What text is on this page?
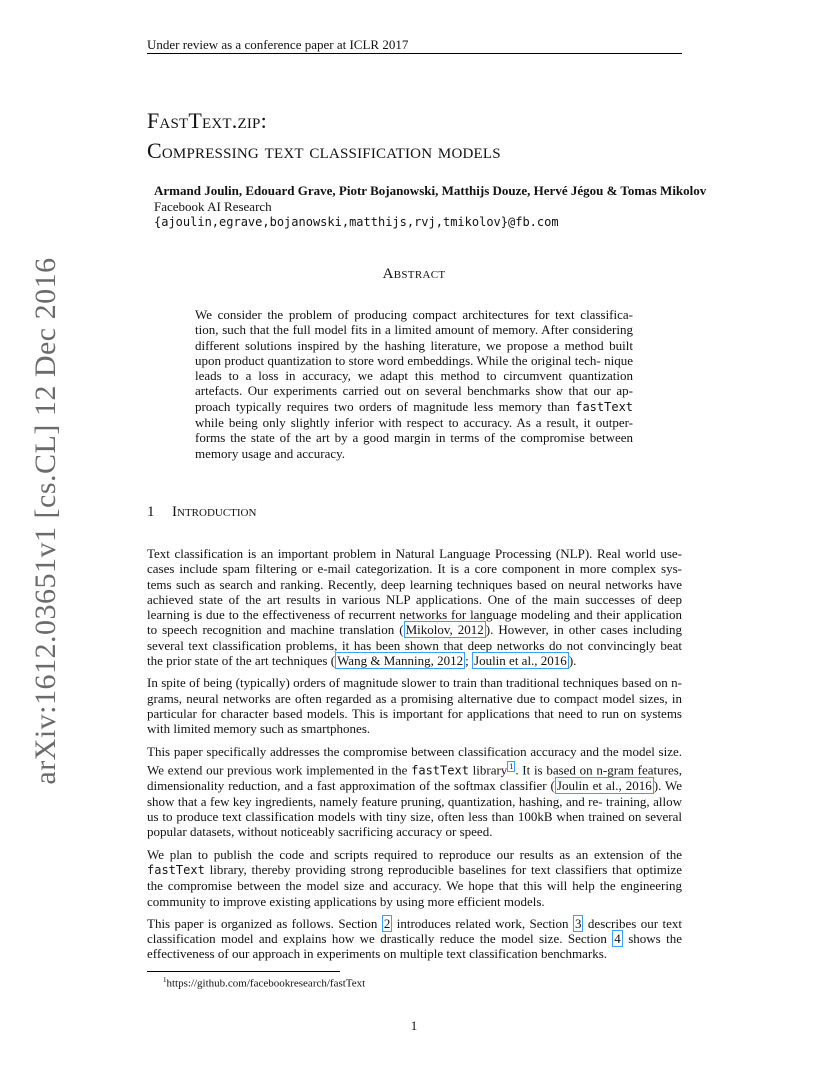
Under review as a conference paper at ICLR 2017
FastText.zip:
Compressing text classification models
Armand Joulin, Edouard Grave, Piotr Bojanowski, Matthijs Douze, Hervé Jégou & Tomas Mikolov
Facebook AI Research
{ajoulin,egrave,bojanowski,matthijs,rvj,tmikolov}@fb.com
Abstract
We consider the problem of producing compact architectures for text classifica- tion, such that the full model fits in a limited amount of memory. After considering different solutions inspired by the hashing literature, we propose a method built upon product quantization to store word embeddings. While the original tech- nique leads to a loss in accuracy, we adapt this method to circumvent quantization artefacts. Our experiments carried out on several benchmarks show that our ap- proach typically requires two orders of magnitude less memory than fastText while being only slightly inferior with respect to accuracy. As a result, it outper- forms the state of the art by a good margin in terms of the compromise between memory usage and accuracy.
1 Introduction

Text classification is an important problem in Natural Language Processing (NLP). Real world use- cases include spam filtering or e-mail categorization. It is a core component in more complex sys- tems such as search and ranking. Recently, deep learning techniques based on neural networks have achieved state of the art results in various NLP applications. One of the main successes of deep learning is due to the effectiveness of recurrent networks for language modeling and their application to speech recognition and machine translation ( Mikolov, 2012 ). However, in other cases including several text classification problems, it has been shown that deep networks do not convincingly beat the prior state of the art techniques ( Wang & Manning, 2012 ; Joulin et al., 2016 ).

In spite of being (typically) orders of magnitude slower to train than traditional techniques based on n-grams, neural networks are often regarded as a promising alternative due to compact model sizes, in particular for character based models. This is important for applications that need to run on systems with limited memory such as smartphones.

This paper specifically addresses the compromise between classification accuracy and the model size. We extend our previous work implemented in the fastText library $^1$ . It is based on n-gram features, dimensionality reduction, and a fast approximation of the softmax classifier ( Joulin et al., 2016 ). We show that a few key ingredients, namely feature pruning, quantization, hashing, and re- training, allow us to produce text classification models with tiny size, often less than 100kB when trained on several popular datasets, without noticeably sacrificing accuracy or speed.

We plan to publish the code and scripts required to reproduce our results as an extension of the fastText library, thereby providing strong reproducible baselines for text classifiers that optimize the compromise between the model size and accuracy. We hope that this will help the engineering community to improve existing applications by using more efficient models.

This paper is organized as follows. Section 2 introduces related work, Section 3 describes our text classification model and explains how we drastically reduce the model size. Section 4 shows the effectiveness of our approach in experiments on multiple text classification benchmarks.

$^1$https://github.com/facebookresearch/fastText
1
arXiv:1612.03651v1 [cs.CL] 12 Dec 2016
